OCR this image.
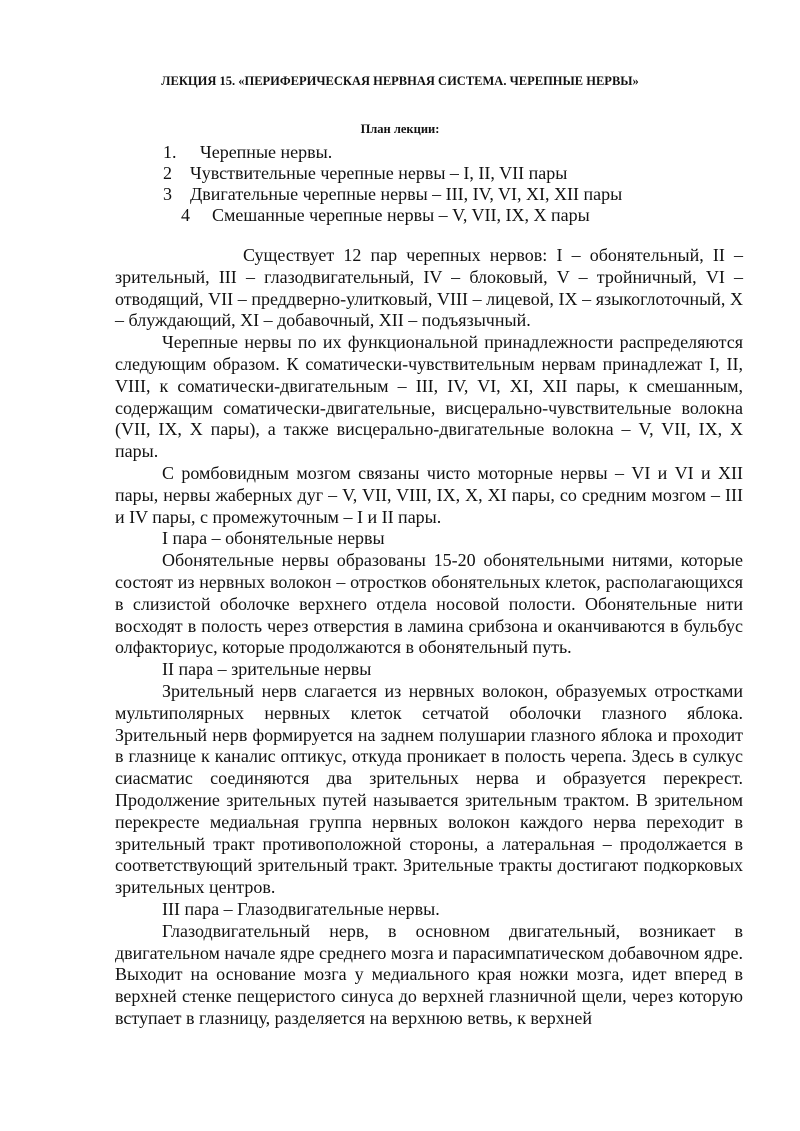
ЛЕКЦИЯ 15. «ПЕРИФЕРИЧЕСКАЯ НЕРВНАЯ СИСТЕМА. ЧЕРЕПНЫЕ НЕРВЫ»
План лекции:
1. Черепные нервы.
2 Чувствительные черепные нервы – I, II, VII пары
3 Двигательные черепные нервы – III, IV, VI, XI, XII пары
4 Смешанные черепные нервы – V, VII, IX, X пары

Существует 12 пар черепных нервов: I – обонятельный, II – зрительный, III – глазодвигательный, IV – блоковый, V – тройничный, VI – отводящий, VII – преддверно-улитковый, VIII – лицевой, IX – языкоглоточный, X – блуждающий, XI – добавочный, XII – подъязычный.

Черепные нервы по их функциональной принадлежности распределяются следующим образом. К соматически-чувствительным нервам принадлежат I, II, VIII, к соматически-двигательным – III, IV, VI, XI, XII пары, к смешанным, содержащим соматически-двигательные, висцерально-чувствительные волокна (VII, IX, X пары), а также висцерально-двигательные волокна – V, VII, IX, X пары.

С ромбовидным мозгом связаны чисто моторные нервы – VI и VI и XII пары, нервы жаберных дуг – V, VII, VIII, IX, X, XI пары, со средним мозгом – III и IV пары, с промежуточным – I и II пары.

I пара – обонятельные нервы

Обонятельные нервы образованы 15-20 обонятельными нитями, которые состоят из нервных волокон – отростков обонятельных клеток, располагающихся в слизистой оболочке верхнего отдела носовой полости. Обонятельные нити восходят в полость через отверстия в ламина срибзона и оканчиваются в бульбус олфакториус, которые продолжаются в обонятельный путь.

II пара – зрительные нервы

Зрительный нерв слагается из нервных волокон, образуемых отростками мультиполярных нервных клеток сетчатой оболочки глазного яблока. Зрительный нерв формируется на заднем полушарии глазного яблока и проходит в глазнице к каналис оптикус, откуда проникает в полость черепа. Здесь в сулкус сиасматис соединяются два зрительных нерва и образуется перекрест. Продолжение зрительных путей называется зрительным трактом. В зрительном перекресте медиальная группа нервных волокон каждого нерва переходит в зрительный тракт противоположной стороны, а латеральная – продолжается в соответствующий зрительный тракт. Зрительные тракты достигают подкорковых зрительных центров.

III пара – Глазодвигательные нервы.

Глазодвигательный нерв, в основном двигательный, возникает в двигательном начале ядре среднего мозга и парасимпатическом добавочном ядре. Выходит на основание мозга у медиального края ножки мозга, идет вперед в верхней стенке пещеристого синуса до верхней глазничной щели, через которую вступает в глазницу, разделяется на верхнюю ветвь, к верхней
